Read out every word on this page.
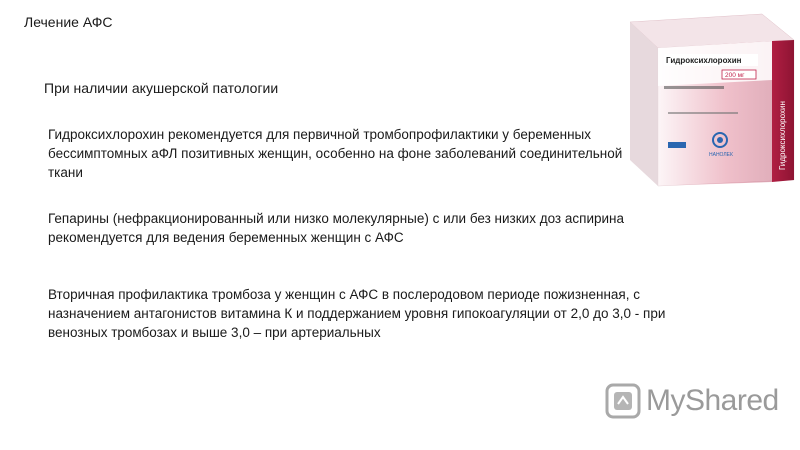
Лечение АФС
При наличии акушерской патологии
Гидроксихлорохин рекомендуется для первичной тромбопрофилактики у беременных бессимптомных аФЛ позитивных женщин, особенно на фоне заболеваний соединительной ткани
Гепарины (нефракционированный или низко молекулярные) с или без низких доз аспирина рекомендуется для ведения беременных женщин с АФС
Вторичная профилактика тромбоза у женщин с АФС в послеродовом периоде пожизненная, с назначением антагонистов витамина К и поддержанием уровня гипокоагуляции от 2,0 до 3,0 - при венозных тромбозах и выше 3,0 – при артериальных
Гидроксихлорохин
200 мг
НАНОЛЕК	Гидроксихлорохин
MyShared
